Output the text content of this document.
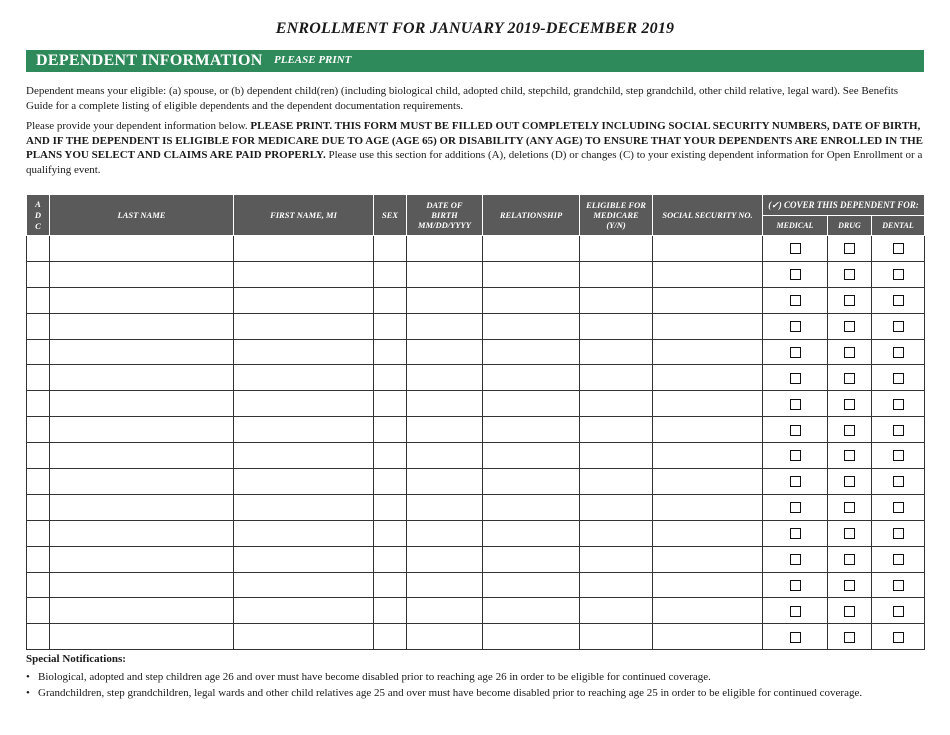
ENROLLMENT FOR JANUARY 2019-DECEMBER 2019
DEPENDENT INFORMATION PLEASE PRINT
Dependent means your eligible: (a) spouse, or (b) dependent child(ren) (including biological child, adopted child, stepchild, grandchild, step grandchild, other child relative, legal ward). See Benefits Guide for a complete listing of eligible dependents and the dependent documentation requirements.
Please provide your dependent information below. PLEASE PRINT. THIS FORM MUST BE FILLED OUT COMPLETELY INCLUDING SOCIAL SECURITY NUMBERS, DATE OF BIRTH, AND IF THE DEPENDENT IS ELIGIBLE FOR MEDICARE DUE TO AGE (AGE 65) OR DISABILITY (ANY AGE) TO ENSURE THAT YOUR DEPENDENTS ARE ENROLLED IN THE PLANS YOU SELECT AND CLAIMS ARE PAID PROPERLY. Please use this section for additions (A), deletions (D) or changes (C) to your existing dependent information for Open Enrollment or a qualifying event.
A D C	LAST NAME	FIRST NAME, MI	SEX	DATE OF BIRTH MM/DD/YYYY	RELATIONSHIP	ELIGIBLE FOR MEDICARE (Y/N)	SOCIAL SECURITY NO.	(✓) COVER THIS DEPENDENT FOR:		
								MEDICAL	DRUG	DENTAL

Special Notifications:
• Biological, adopted and step children age 26 and over must have become disabled prior to reaching age 26 in order to be eligible for continued coverage.
• Grandchildren, step grandchildren, legal wards and other child relatives age 25 and over must have become disabled prior to reaching age 25 in order to be eligible for continued coverage.
